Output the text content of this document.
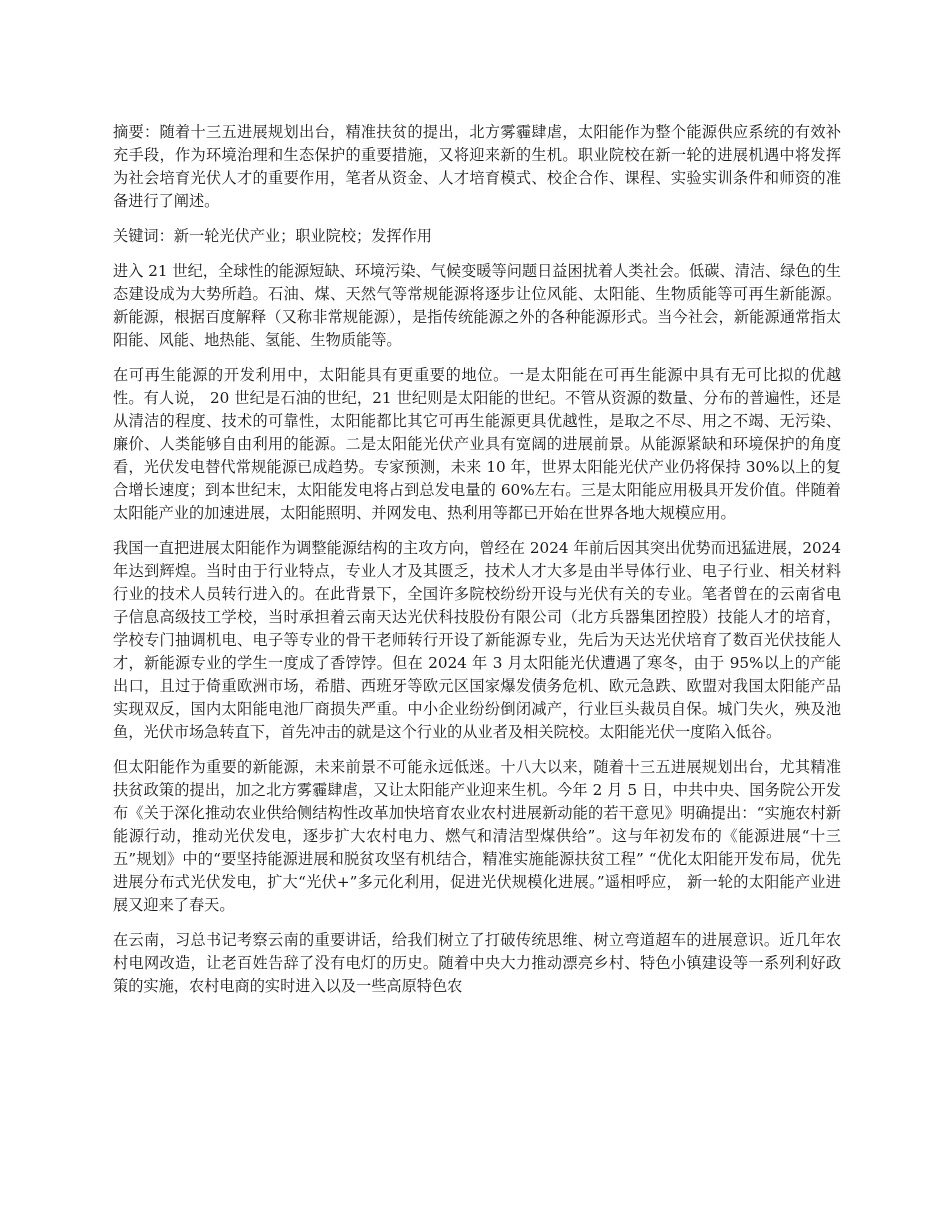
摘要：随着十三五进展规划出台，精准扶贫的提出，北方雾霾肆虐，太阳能作为整个能源供应系统的有效补充手段，作为环境治理和生态保护的重要措施，又将迎来新的生机。职业院校在新一轮的进展机遇中将发挥为社会培育光伏人才的重要作用，笔者从资金、人才培育模式、校企合作、课程、实验实训条件和师资的准备进行了阐述。

关键词：新一轮光伏产业；职业院校；发挥作用

进入 21 世纪，全球性的能源短缺、环境污染、气候变暖等问题日益困扰着人类社会。低碳、清洁、绿色的生态建设成为大势所趋。石油、煤、天然气等常规能源将逐步让位风能、太阳能、生物质能等可再生新能源。新能源，根据百度解释（又称非常规能源），是指传统能源之外的各种能源形式。当今社会，新能源通常指太阳能、风能、地热能、氢能、生物质能等。

在可再生能源的开发利用中，太阳能具有更重要的地位。一是太阳能在可再生能源中具有无可比拟的优越性。有人说， 20 世纪是石油的世纪，21 世纪则是太阳能的世纪。不管从资源的数量、分布的普遍性，还是从清洁的程度、技术的可靠性，太阳能都比其它可再生能源更具优越性，是取之不尽、用之不竭、无污染、廉价、人类能够自由利用的能源。二是太阳能光伏产业具有宽阔的进展前景。从能源紧缺和环境保护的角度看，光伏发电替代常规能源已成趋势。专家预测，未来 10 年，世界太阳能光伏产业仍将保持 30%以上的复合增长速度；到本世纪末，太阳能发电将占到总发电量的 60%左右。三是太阳能应用极具开发价值。伴随着太阳能产业的加速进展，太阳能照明、并网发电、热利用等都已开始在世界各地大规模应用。

我国一直把进展太阳能作为调整能源结构的主攻方向，曾经在 2024 年前后因其突出优势而迅猛进展，2024 年达到辉煌。当时由于行业特点，专业人才及其匮乏，技术人才大多是由半导体行业、电子行业、相关材料行业的技术人员转行进入的。在此背景下，全国许多院校纷纷开设与光伏有关的专业。笔者曾在的云南省电子信息高级技工学校，当时承担着云南天达光伏科技股份有限公司（北方兵器集团控股）技能人才的培育，学校专门抽调机电、电子等专业的骨干老师转行开设了新能源专业，先后为天达光伏培育了数百光伏技能人才，新能源专业的学生一度成了香饽饽。但在 2024 年 3 月太阳能光伏遭遇了寒冬，由于 95%以上的产能出口，且过于倚重欧洲市场，希腊、西班牙等欧元区国家爆发债务危机、欧元急跌、欧盟对我国太阳能产品实现双反，国内太阳能电池厂商损失严重。中小企业纷纷倒闭减产，行业巨头裁员自保。城门失火，殃及池鱼，光伏市场急转直下，首先冲击的就是这个行业的从业者及相关院校。太阳能光伏一度陷入低谷。

但太阳能作为重要的新能源，未来前景不可能永远低迷。十八大以来，随着十三五进展规划出台，尤其精准扶贫政策的提出，加之北方雾霾肆虐，又让太阳能产业迎来生机。今年 2 月 5 日，中共中央、国务院公开发布《关于深化推动农业供给侧结构性改革加快培育农业农村进展新动能的若干意见》明确提出：“实施农村新能源行动，推动光伏发电，逐步扩大农村电力、燃气和清洁型煤供给”。这与年初发布的《能源进展“十三五”规划》中的“要坚持能源进展和脱贫攻坚有机结合，精准实施能源扶贫工程” “优化太阳能开发布局，优先进展分布式光伏发电，扩大“光伏+”多元化利用，促进光伏规模化进展。”遥相呼应， 新一轮的太阳能产业进展又迎来了春天。

在云南，习总书记考察云南的重要讲话，给我们树立了打破传统思维、树立弯道超车的进展意识。近几年农村电网改造，让老百姓告辞了没有电灯的历史。随着中央大力推动漂亮乡村、特色小镇建设等一系列利好政策的实施，农村电商的实时进入以及一些高原特色农
